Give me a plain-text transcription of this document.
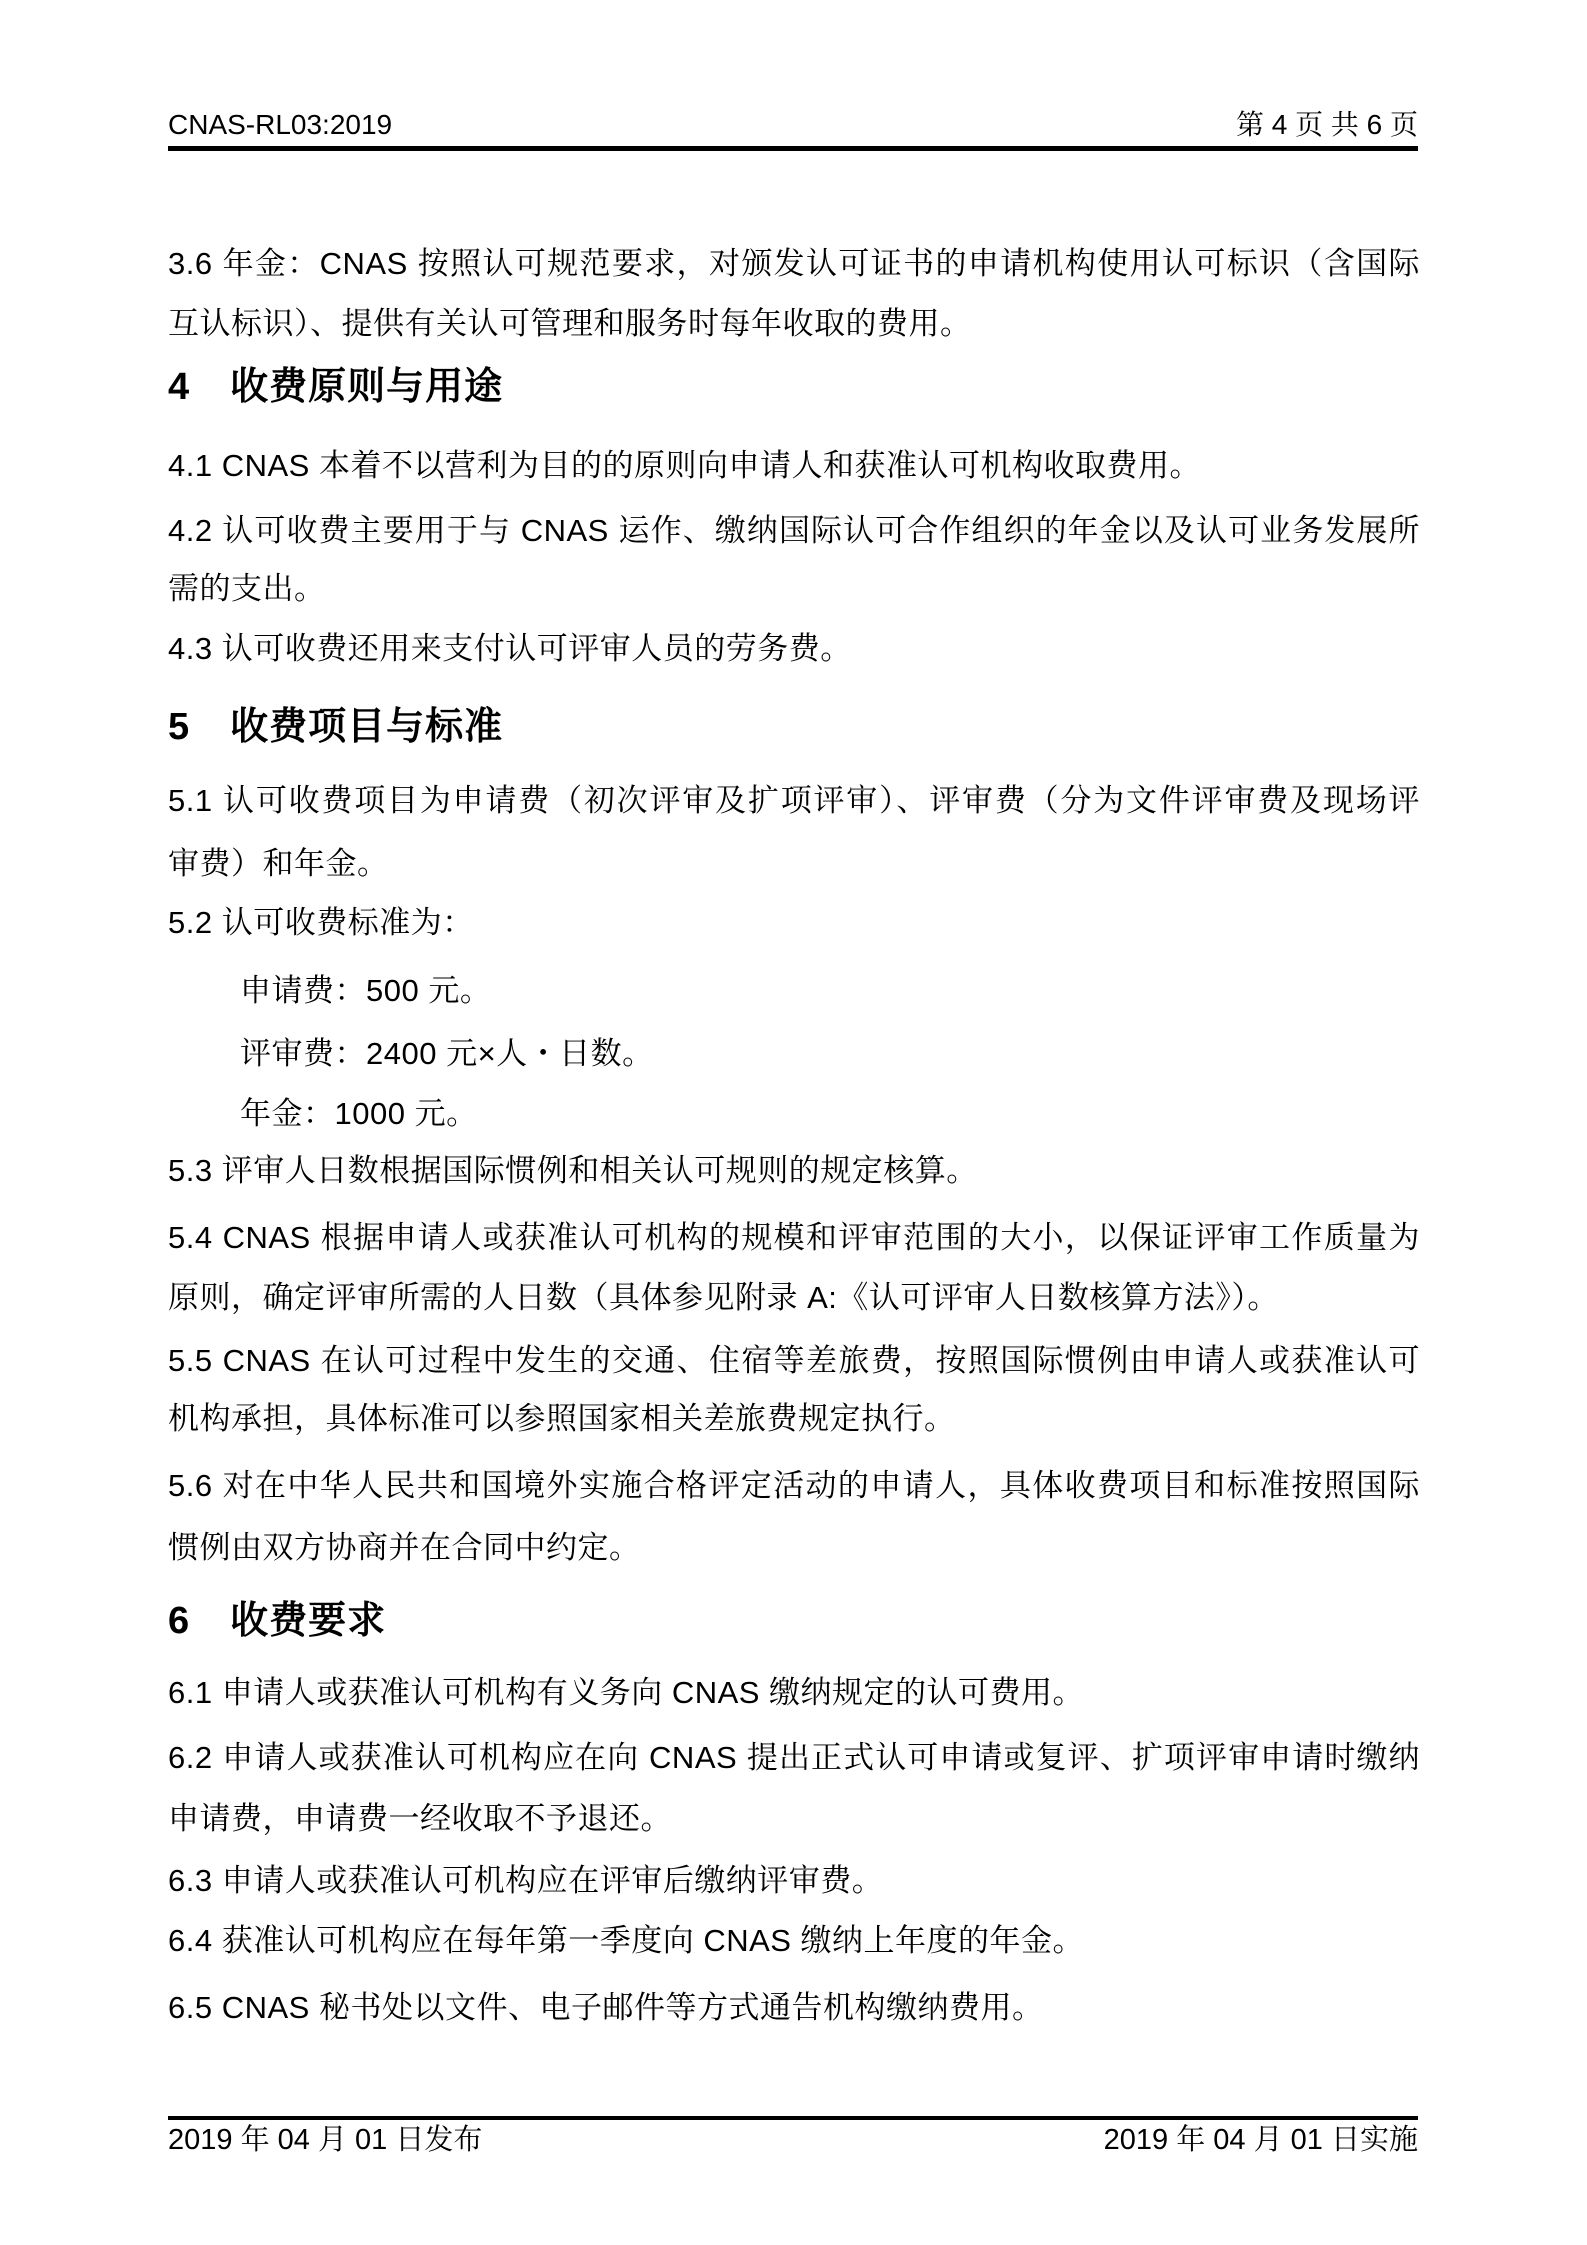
CNAS-RL03:2019	第 4 页 共 6 页
3.6 年金：CNAS 按照认可规范要求，对颁发认可证书的申请机构使用认可标识（含国际
互认标识）、提供有关认可管理和服务时每年收取的费用。
4 收费原则与用途
4.1 CNAS 本着不以营利为目的的原则向申请人和获准认可机构收取费用。
4.2 认可收费主要用于与 CNAS 运作、缴纳国际认可合作组织的年金以及认可业务发展所
需的支出。
4.3 认可收费还用来支付认可评审人员的劳务费。
5 收费项目与标准
5.1 认可收费项目为申请费（初次评审及扩项评审）、评审费（分为文件评审费及现场评
审费）和年金。
5.2 认可收费标准为：
申请费：500 元。
评审费：2400 元×人・日数。
年金：1000 元。
5.3 评审人日数根据国际惯例和相关认可规则的规定核算。
5.4 CNAS 根据申请人或获准认可机构的规模和评审范围的大小，以保证评审工作质量为
原则，确定评审所需的人日数（具体参见附录 A:《认可评审人日数核算方法》）。
5.5 CNAS 在认可过程中发生的交通、住宿等差旅费，按照国际惯例由申请人或获准认可
机构承担，具体标准可以参照国家相关差旅费规定执行。
5.6 对在中华人民共和国境外实施合格评定活动的申请人，具体收费项目和标准按照国际
惯例由双方协商并在合同中约定。
6 收费要求
6.1 申请人或获准认可机构有义务向 CNAS 缴纳规定的认可费用。
6.2 申请人或获准认可机构应在向 CNAS 提出正式认可申请或复评、扩项评审申请时缴纳
申请费，申请费一经收取不予退还。
6.3 申请人或获准认可机构应在评审后缴纳评审费。
6.4 获准认可机构应在每年第一季度向 CNAS 缴纳上年度的年金。
6.5 CNAS 秘书处以文件、电子邮件等方式通告机构缴纳费用。
2019 年 04 月 01 日发布	2019 年 04 月 01 日实施
